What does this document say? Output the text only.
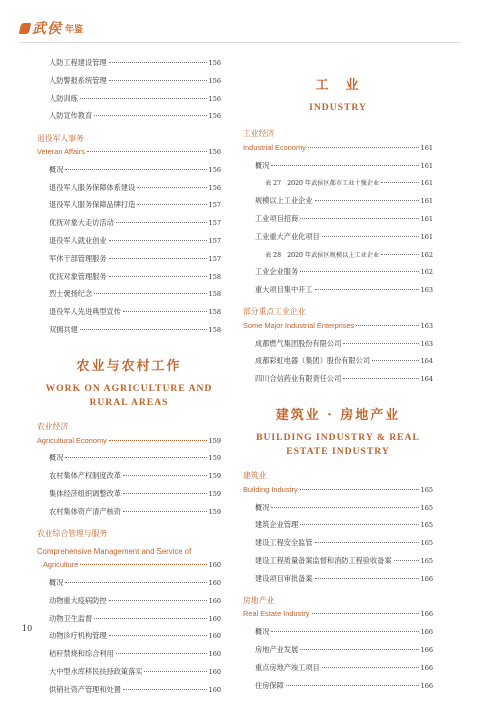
武侯 年鉴
人防工程建设管理	156
人防警报系统管理	156
人防训练	156
人防宣传教育	156
退役军人事务
Veteran Affairs	156
概况	156
退役军人服务保障体系建设	156
退役军人服务保障品牌打造	157
优抚对象大走访活动	157
退役军人就业创业	157
军休干部管理服务	157
优抚对象管理服务	158
烈士褒扬纪念	158
退役军人先进典型宣传	158
双拥共建	158
农业与农村工作
WORK ON AGRICULTURE AND
RURAL AREAS
农业经济
Agricultural Economy	159
概况	159
农村集体产权制度改革	159
集体经济组织调整改革	159
农村集体资产清产核资	159
农业综合管理与服务
Comprehensive Management and Service of
Agriculture	160
概况	160
动物重大疫病防控	160
动物卫生监督	160
动物诊疗机构管理	160
秸秆禁烧和综合利用	160
大中型水库移民扶持政策落实	160
供销社资产管理和处置	160
工　业
INDUSTRY
工业经济
Industrial Economy	161
概况	161
表 27　2020 年武侯区都市工业十强企业	161
规模以上工业企业	161
工业项目招商	161
工业重大产业化项目	161
表 28　2020 年武侯区规模以上工业企业	162
工业企业服务	162
重大项目集中开工	163
部分重点工业企业
Some Major Industrial Enterprises	163
成都燃气集团股份有限公司	163
成都彩虹电器（集团）股份有限公司	164
四川合信药业有限责任公司	164
建筑业 · 房地产业
BUILDING INDUSTRY & REAL
ESTATE INDUSTRY
建筑业
Building Industry	165
概况	165
建筑企业管理	165
建设工程安全监管	165
建设工程质量备案监督和消防工程验收备案	165
建设项目审批备案	166
房地产业
Real Estate Industry	166
概况	166
房地产业发展	166
重点房地产竣工项目	166
住房保障	166
10
